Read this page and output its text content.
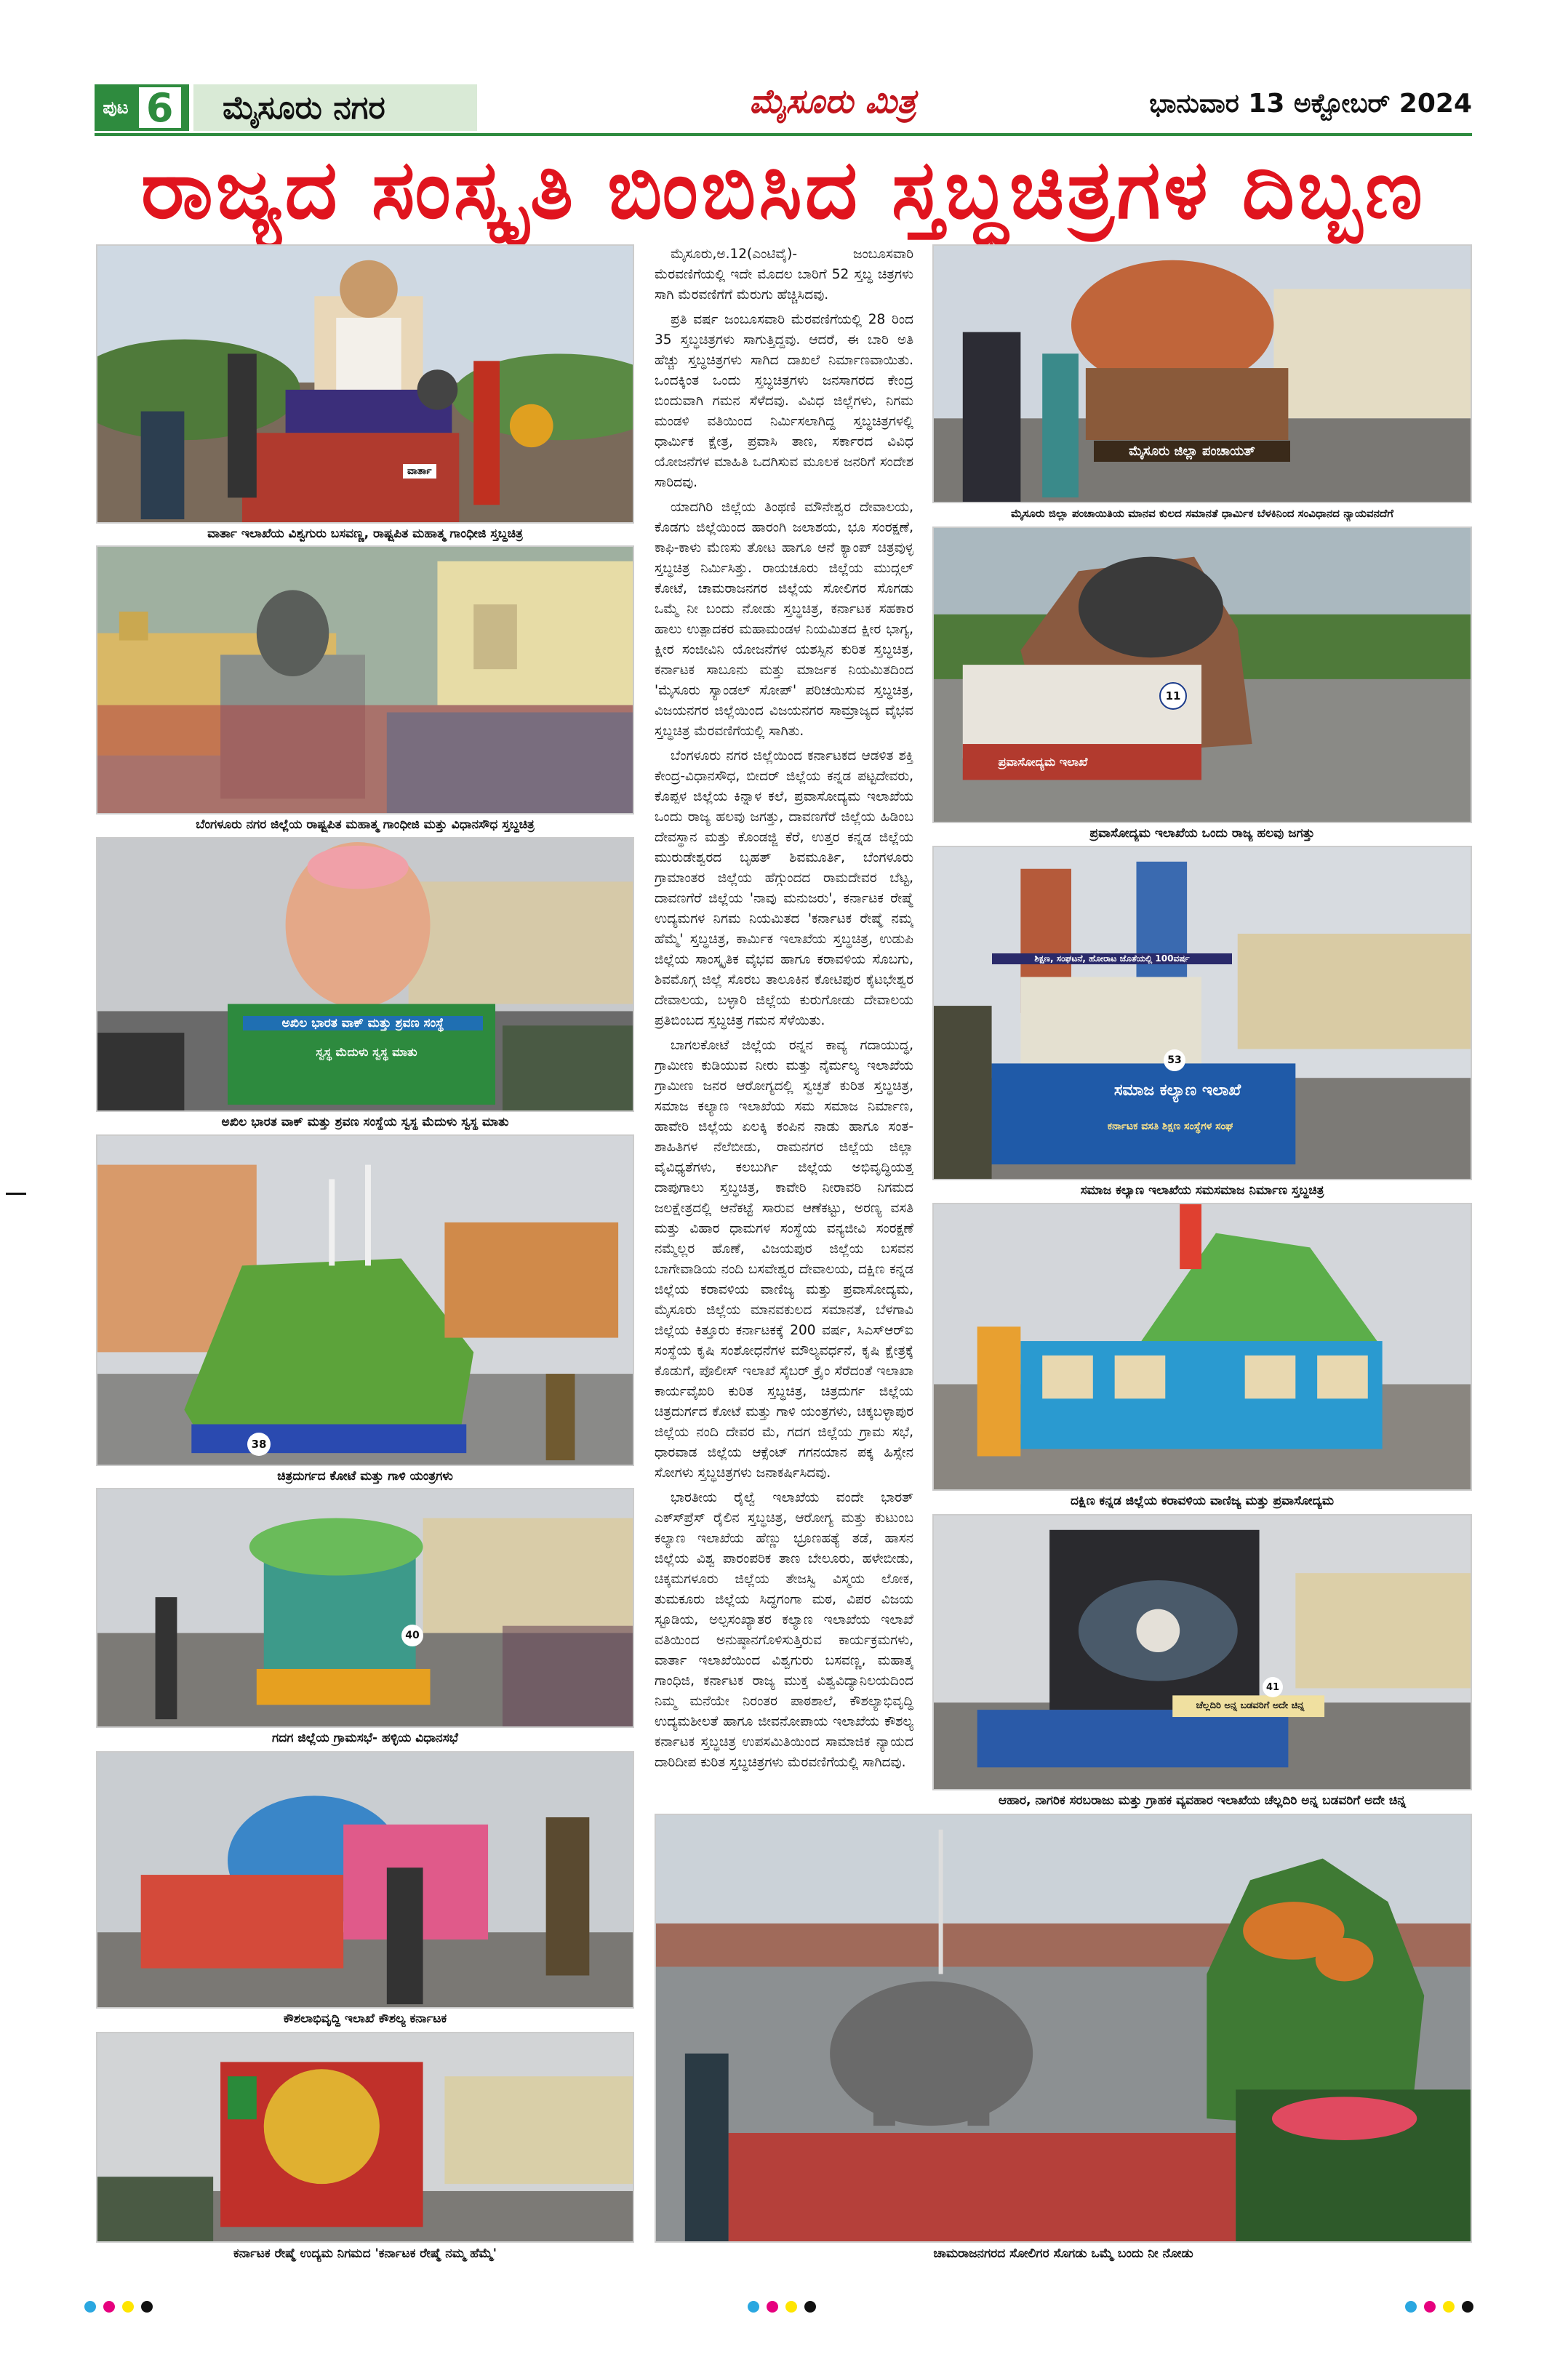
ಪುಟ 6	ಮೈಸೂರು ನಗರ	ಮೈಸೂರು ಮಿತ್ರ	ಭಾನುವಾರ 13 ಅಕ್ಟೋಬರ್ 2024
ರಾಜ್ಯದ ಸಂಸ್ಕೃತಿ ಬಿಂಬಿಸಿದ ಸ್ತಬ್ಧಚಿತ್ರಗಳ ದಿಬ್ಬಣ
ವಾರ್ತಾ
ವಾರ್ತಾ ಇಲಾಖೆಯ ವಿಶ್ವಗುರು ಬಸವಣ್ಣ, ರಾಷ್ಟ್ರಪಿತ ಮಹಾತ್ಮ ಗಾಂಧೀಜಿ ಸ್ತಬ್ಧಚಿತ್ರ
ಬೆಂಗಳೂರು ನಗರ ಜಿಲ್ಲೆಯ ರಾಷ್ಟ್ರಪಿತ ಮಹಾತ್ಮ ಗಾಂಧೀಜಿ ಮತ್ತು ವಿಧಾನಸೌಧ ಸ್ತಬ್ಧಚಿತ್ರ
ಅಖಿಲ ಭಾರತ ವಾಕ್ ಮತ್ತು ಶ್ರವಣ ಸಂಸ್ಥೆ
ಸ್ವಸ್ಥ ಮೆದುಳು ಸ್ವಸ್ಥ ಮಾತು
ಅಖಿಲ ಭಾರತ ವಾಕ್ ಮತ್ತು ಶ್ರವಣ ಸಂಸ್ಥೆಯ ಸ್ವಸ್ಥ ಮೆದುಳು ಸ್ವಸ್ಥ ಮಾತು
38
ಚಿತ್ರದುರ್ಗದ ಕೋಟೆ ಮತ್ತು ಗಾಳಿ ಯಂತ್ರಗಳು
40
ಗದಗ ಜಿಲ್ಲೆಯ ಗ್ರಾಮಸಭೆ- ಹಳ್ಳಿಯ ವಿಧಾನಸಭೆ
ಕೌಶಲಾಭಿವೃದ್ಧಿ ಇಲಾಖೆ ಕೌಶಲ್ಯ ಕರ್ನಾಟಕ
ಕರ್ನಾಟಕ ರೇಷ್ಮೆ ಉದ್ಯಮ ನಿಗಮದ 'ಕರ್ನಾಟಕ ರೇಷ್ಮೆ ನಮ್ಮ ಹೆಮ್ಮೆ'

ಮೈಸೂರು,ಅ.12(ಎಂಟಿವೈ)- ಜಂಬೂಸವಾರಿ ಮೆರವಣಿಗೆಯಲ್ಲಿ ಇದೇ ಮೊದಲ ಬಾರಿಗೆ 52 ಸ್ತಬ್ಧ ಚಿತ್ರಗಳು ಸಾಗಿ ಮೆರವಣಿಗೆಗೆ ಮೆರುಗು ಹೆಚ್ಚಿಸಿದವು.

ಪ್ರತಿ ವರ್ಷ ಜಂಬೂಸವಾರಿ ಮೆರವಣಿಗೆಯಲ್ಲಿ 28 ರಿಂದ 35 ಸ್ತಬ್ಧಚಿತ್ರಗಳು ಸಾಗುತ್ತಿದ್ದವು. ಆದರೆ, ಈ ಬಾರಿ ಅತಿ ಹೆಚ್ಚು ಸ್ತಬ್ಧಚಿತ್ರಗಳು ಸಾಗಿದ ದಾಖಲೆ ನಿರ್ಮಾಣವಾಯಿತು. ಒಂದಕ್ಕಿಂತ ಒಂದು ಸ್ತಬ್ಧಚಿತ್ರಗಳು ಜನಸಾಗರದ ಕೇಂದ್ರ ಬಿಂದುವಾಗಿ ಗಮನ ಸೆಳೆದವು. ವಿವಿಧ ಜಿಲ್ಲೆಗಳು, ನಿಗಮ ಮಂಡಳಿ ವತಿಯಿಂದ ನಿರ್ಮಿಸಲಾಗಿದ್ದ ಸ್ತಬ್ಧಚಿತ್ರಗಳಲ್ಲಿ ಧಾರ್ಮಿಕ ಕ್ಷೇತ್ರ, ಪ್ರವಾಸಿ ತಾಣ, ಸರ್ಕಾರದ ವಿವಿಧ ಯೋಜನೆಗಳ ಮಾಹಿತಿ ಒದಗಿಸುವ ಮೂಲಕ ಜನರಿಗೆ ಸಂದೇಶ ಸಾರಿದವು.

ಯಾದಗಿರಿ ಜಿಲ್ಲೆಯ ತಿಂಥಣಿ ಮೌನೇಶ್ವರ ದೇವಾಲಯ, ಕೊಡಗು ಜಿಲ್ಲೆಯಿಂದ ಹಾರಂಗಿ ಜಲಾಶಯ, ಭೂ ಸಂರಕ್ಷಣೆ, ಕಾಫಿ-ಕಾಳು ಮೆಣಸು ತೋಟ ಹಾಗೂ ಆನೆ ಕ್ಯಾಂಪ್ ಚಿತ್ರವುಳ್ಳ ಸ್ತಬ್ಧಚಿತ್ರ ನಿರ್ಮಿಸಿತ್ತು. ರಾಯಚೂರು ಜಿಲ್ಲೆಯ ಮುದ್ಗಲ್ ಕೋಟೆ, ಚಾಮರಾಜನಗರ ಜಿಲ್ಲೆಯ ಸೋಲಿಗರ ಸೊಗಡು ಒಮ್ಮೆ ನೀ ಬಂದು ನೋಡು ಸ್ತಬ್ಧಚಿತ್ರ, ಕರ್ನಾಟಕ ಸಹಕಾರ ಹಾಲು ಉತ್ಪಾದಕರ ಮಹಾಮಂಡಳ ನಿಯಮಿತದ ಕ್ಷೀರ ಭಾಗ್ಯ, ಕ್ಷೀರ ಸಂಜೀವಿನಿ ಯೋಜನೆಗಳ ಯಶಸ್ಸಿನ ಕುರಿತ ಸ್ತಬ್ಧಚಿತ್ರ, ಕರ್ನಾಟಕ ಸಾಬೂನು ಮತ್ತು ಮಾರ್ಜಕ ನಿಯಮಿತದಿಂದ 'ಮೈಸೂರು ಸ್ಯಾಂಡಲ್ ಸೋಪ್' ಪರಿಚಯಿಸುವ ಸ್ತಬ್ಧಚಿತ್ರ, ವಿಜಯನಗರ ಜಿಲ್ಲೆಯಿಂದ ವಿಜಯನಗರ ಸಾಮ್ರಾಜ್ಯದ ವೈಭವ ಸ್ತಬ್ಧಚಿತ್ರ ಮೆರವಣಿಗೆಯಲ್ಲಿ ಸಾಗಿತು.

ಬೆಂಗಳೂರು ನಗರ ಜಿಲ್ಲೆಯಿಂದ ಕರ್ನಾಟಕದ ಆಡಳಿತ ಶಕ್ತಿ ಕೇಂದ್ರ-ವಿಧಾನಸೌಧ, ಬೀದರ್ ಜಿಲ್ಲೆಯ ಕನ್ನಡ ಪಟ್ಟದೇವರು, ಕೊಪ್ಪಳ ಜಿಲ್ಲೆಯ ಕಿನ್ನಾಳ ಕಲೆ, ಪ್ರವಾಸೋದ್ಯಮ ಇಲಾಖೆಯ ಒಂದು ರಾಜ್ಯ ಹಲವು ಜಗತ್ತು, ದಾವಣಗೆರೆ ಜಿಲ್ಲೆಯ ಹಿಡಿಂಬ ದೇವಸ್ಥಾನ ಮತ್ತು ಕೊಂಡಜ್ಜಿ ಕೆರೆ, ಉತ್ತರ ಕನ್ನಡ ಜಿಲ್ಲೆಯ ಮುರುಡೇಶ್ವರದ ಬೃಹತ್ ಶಿವಮೂರ್ತಿ, ಬೆಂಗಳೂರು ಗ್ರಾಮಾಂತರ ಜಿಲ್ಲೆಯ ಹೆಗ್ಗುಂದದ ರಾಮದೇವರ ಬೆಟ್ಟ, ದಾವಣಗೆರೆ ಜಿಲ್ಲೆಯ 'ನಾವು ಮನುಜರು', ಕರ್ನಾಟಕ ರೇಷ್ಮೆ ಉದ್ಯಮಗಳ ನಿಗಮ ನಿಯಮಿತದ 'ಕರ್ನಾಟಕ ರೇಷ್ಮೆ ನಮ್ಮ ಹೆಮ್ಮೆ' ಸ್ತಬ್ಧಚಿತ್ರ, ಕಾರ್ಮಿಕ ಇಲಾಖೆಯ ಸ್ತಬ್ಧಚಿತ್ರ, ಉಡುಪಿ ಜಿಲ್ಲೆಯ ಸಾಂಸ್ಕೃತಿಕ ವೈಭವ ಹಾಗೂ ಕರಾವಳಿಯ ಸೊಬಗು, ಶಿವಮೊಗ್ಗ ಜಿಲ್ಲೆ ಸೊರಬ ತಾಲೂಕಿನ ಕೋಟಿಪುರ ಕೈಟಭೇಶ್ವರ ದೇವಾಲಯ, ಬಳ್ಳಾರಿ ಜಿಲ್ಲೆಯ ಕುರುಗೋಡು ದೇವಾಲಯ ಪ್ರತಿಬಿಂಬದ ಸ್ತಬ್ಧಚಿತ್ರ ಗಮನ ಸೆಳೆಯಿತು.

ಬಾಗಲಕೋಟೆ ಜಿಲ್ಲೆಯ ರನ್ನನ ಕಾವ್ಯ ಗದಾಯುದ್ಧ, ಗ್ರಾಮೀಣ ಕುಡಿಯುವ ನೀರು ಮತ್ತು ನೈರ್ಮಲ್ಯ ಇಲಾಖೆಯ ಗ್ರಾಮೀಣ ಜನರ ಆರೋಗ್ಯದಲ್ಲಿ ಸ್ವಚ್ಛತೆ ಕುರಿತ ಸ್ತಬ್ಧಚಿತ್ರ, ಸಮಾಜ ಕಲ್ಯಾಣ ಇಲಾಖೆಯ ಸಮ ಸಮಾಜ ನಿರ್ಮಾಣ, ಹಾವೇರಿ ಜಿಲ್ಲೆಯ ಏಲಕ್ಕಿ ಕಂಪಿನ ನಾಡು ಹಾಗೂ ಸಂತ-ಶಾಹಿತಿಗಳ ನೆಲೆಬೀಡು, ರಾಮನಗರ ಜಿಲ್ಲೆಯ ಜಿಲ್ಲಾ ವೈವಿಧ್ಯತೆಗಳು, ಕಲಬುರ್ಗಿ ಜಿಲ್ಲೆಯ ಅಭಿವೃದ್ಧಿಯತ್ತ ದಾಪುಗಾಲು ಸ್ತಬ್ಧಚಿತ್ರ, ಕಾವೇರಿ ನೀರಾವರಿ ನಿಗಮದ ಜಲಕ್ಷೇತ್ರದಲ್ಲಿ ಆನೆಕಟ್ಟೆ ಸಾರುವ ಆಣೆಕಟ್ಟು, ಅರಣ್ಯ ವಸತಿ ಮತ್ತು ವಿಹಾರ ಧಾಮಗಳ ಸಂಸ್ಥೆಯ ವನ್ಯಜೀವಿ ಸಂರಕ್ಷಣೆ ನಮ್ಮೆಲ್ಲರ ಹೊಣೆ, ವಿಜಯಪುರ ಜಿಲ್ಲೆಯ ಬಸವನ ಬಾಗೇವಾಡಿಯ ನಂದಿ ಬಸವೇಶ್ವರ ದೇವಾಲಯ, ದಕ್ಷಿಣ ಕನ್ನಡ ಜಿಲ್ಲೆಯ ಕರಾವಳಿಯ ವಾಣಿಜ್ಯ ಮತ್ತು ಪ್ರವಾಸೋದ್ಯಮ, ಮೈಸೂರು ಜಿಲ್ಲೆಯ ಮಾನವಕುಲದ ಸಮಾನತೆ, ಬೆಳಗಾವಿ ಜಿಲ್ಲೆಯ ಕಿತ್ತೂರು ಕರ್ನಾಟಕಕ್ಕೆ 200 ವರ್ಷ, ಸಿಎಸ್‍ಆರ್‍ಐ ಸಂಸ್ಥೆಯ ಕೃಷಿ ಸಂಶೋಧನೆಗಳ ಮೌಲ್ಯವರ್ಧನೆ, ಕೃಷಿ ಕ್ಷೇತ್ರಕ್ಕೆ ಕೊಡುಗೆ, ಪೊಲೀಸ್ ಇಲಾಖೆ ಸೈಬರ್ ಕ್ರೈಂ ಸೆರೆದಂತೆ ಇಲಾಖಾ ಕಾರ್ಯವೈಖರಿ ಕುರಿತ ಸ್ತಬ್ಧಚಿತ್ರ, ಚಿತ್ರದುರ್ಗ ಜಿಲ್ಲೆಯ ಚಿತ್ರದುರ್ಗದ ಕೋಟೆ ಮತ್ತು ಗಾಳಿ ಯಂತ್ರಗಳು, ಚಿಕ್ಕಬಳ್ಳಾಪುರ ಜಿಲ್ಲೆಯ ನಂದಿ ದೇವರ ಮೆ, ಗದಗ ಜಿಲ್ಲೆಯ ಗ್ರಾಮ ಸಭೆ, ಧಾರವಾಡ ಜಿಲ್ಲೆಯ ಆಕ್ಸೆಂಟ್ ಗಗನಯಾನ ಪಕ್ಕ ಹಿಸ್ಸೇನ ಸೋಗಳು ಸ್ತಬ್ಧಚಿತ್ರಗಳು ಜನಾಕರ್ಷಿಸಿದವು.

ಭಾರತೀಯ ರೈಲ್ವೆ ಇಲಾಖೆಯ ವಂದೇ ಭಾರತ್ ಎಕ್ಸ್‍ಪ್ರೆಸ್ ರೈಲಿನ ಸ್ತಬ್ಧಚಿತ್ರ, ಆರೋಗ್ಯ ಮತ್ತು ಕುಟುಂಬ ಕಲ್ಯಾಣ ಇಲಾಖೆಯ ಹೆಣ್ಣು ಭ್ರೂಣಹತ್ಯೆ ತಡೆ, ಹಾಸನ ಜಿಲ್ಲೆಯ ವಿಶ್ವ ಪಾರಂಪರಿಕ ತಾಣ ಬೇಲೂರು, ಹಳೇಬೀಡು, ಚಿಕ್ಕಮಗಳೂರು ಜಿಲ್ಲೆಯ ತೇಜಸ್ವಿ ವಿಸ್ಮಯ ಲೋಕ, ತುಮಕೂರು ಜಿಲ್ಲೆಯ ಸಿದ್ಧಗಂಗಾ ಮಠ, ವಿಪರ ವಿಜಯ ಸ್ಟೂಡಿಯ, ಅಲ್ಪಸಂಖ್ಯಾತರ ಕಲ್ಯಾಣ ಇಲಾಖೆಯ ಇಲಾಖೆ ವತಿಯಿಂದ ಅನುಷ್ಠಾನಗೊಳಿಸುತ್ತಿರುವ ಕಾರ್ಯಕ್ರಮಗಳು, ವಾರ್ತಾ ಇಲಾಖೆಯಿಂದ ವಿಶ್ವಗುರು ಬಸವಣ್ಣ, ಮಹಾತ್ಮ ಗಾಂಧಿಜಿ, ಕರ್ನಾಟಕ ರಾಜ್ಯ ಮುಕ್ತ ವಿಶ್ವವಿದ್ಯಾನಿಲಯದಿಂದ ನಿಮ್ಮ ಮನೆಯೇ ನಿರಂತರ ಪಾಠಶಾಲೆ, ಕೌಶಲ್ಯಾಭಿವೃದ್ಧಿ ಉದ್ಯಮಶೀಲತೆ ಹಾಗೂ ಜೀವನೋಪಾಯ ಇಲಾಖೆಯ ಕೌಶಲ್ಯ ಕರ್ನಾಟಕ ಸ್ತಬ್ಧಚಿತ್ರ ಉಪಸಮಿತಿಯಿಂದ ಸಾಮಾಜಿಕ ನ್ಯಾಯದ ದಾರಿದೀಪ ಕುರಿತ ಸ್ತಬ್ಧಚಿತ್ರಗಳು ಮೆರವಣಿಗೆಯಲ್ಲಿ ಸಾಗಿದವು.

ಮೈಸೂರು ಜಿಲ್ಲಾ ಪಂಚಾಯತ್
ಮೈಸೂರು ಜಿಲ್ಲಾ ಪಂಚಾಯಿತಿಯ ಮಾನವ ಕುಲದ ಸಮಾನತೆ ಧಾರ್ಮಿಕ ಬೆಳಕಿನಿಂದ ಸಂವಿಧಾನದ ನ್ಯಾಯವನದೆಗೆ
11
ಪ್ರವಾಸೋದ್ಯಮ ಇಲಾಖೆ
ಪ್ರವಾಸೋದ್ಯಮ ಇಲಾಖೆಯ ಒಂದು ರಾಜ್ಯ ಹಲವು ಜಗತ್ತು
ಸಮಾಜ ಕಲ್ಯಾಣ ಇಲಾಖೆ
ಕರ್ನಾಟಕ ವಸತಿ ಶಿಕ್ಷಣ ಸಂಸ್ಥೆಗಳ ಸಂಘ
ಶಿಕ್ಷಣ, ಸಂಘಟನೆ, ಹೋರಾಟ ಜೊತೆಯಲ್ಲಿ 100ವರ್ಷ
53
ಸಮಾಜ ಕಲ್ಯಾಣ ಇಲಾಖೆಯ ಸಮಸಮಾಜ ನಿರ್ಮಾಣ ಸ್ತಬ್ಧಚಿತ್ರ
ದಕ್ಷಿಣ ಕನ್ನಡ ಜಿಲ್ಲೆಯ ಕರಾವಳಿಯ ವಾಣಿಜ್ಯ ಮತ್ತು ಪ್ರವಾಸೋದ್ಯಮ
ಚೆಲ್ಲದಿರಿ ಅನ್ನ ಬಡವರಿಗೆ ಅದೇ ಚಿನ್ನ
41
ಆಹಾರ, ನಾಗರಿಕ ಸರಬರಾಜು ಮತ್ತು ಗ್ರಾಹಕ ವ್ಯವಹಾರ ಇಲಾಖೆಯ ಚೆಲ್ಲದಿರಿ ಅನ್ನ ಬಡವರಿಗೆ ಅದೇ ಚಿನ್ನ
ಚಾಮರಾಜನಗರದ ಸೋಲಿಗರ ಸೊಗಡು ಒಮ್ಮೆ ಬಂದು ನೀ ನೋಡು
